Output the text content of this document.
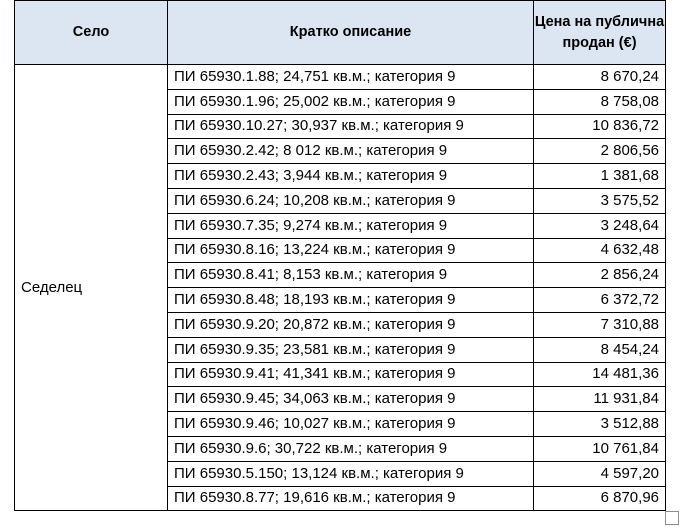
Село	Кратко описание	Цена на публична продан (€)
Седелец	ПИ 65930.1.88; 24,751 кв.м.; категория 9	8 670,24
	ПИ 65930.1.96; 25,002 кв.м.; категория 9	8 758,08
	ПИ 65930.10.27; 30,937 кв.м.; категория 9	10 836,72
	ПИ 65930.2.42; 8 012 кв.м.; категория 9	2 806,56
	ПИ 65930.2.43; 3,944 кв.м.; категория 9	1 381,68
	ПИ 65930.6.24; 10,208 кв.м.; категория 9	3 575,52
	ПИ 65930.7.35; 9,274 кв.м.; категория 9	3 248,64
	ПИ 65930.8.16; 13,224 кв.м.; категория 9	4 632,48
	ПИ 65930.8.41; 8,153 кв.м.; категория 9	2 856,24
	ПИ 65930.8.48; 18,193 кв.м.; категория 9	6 372,72
	ПИ 65930.9.20; 20,872 кв.м.; категория 9	7 310,88
	ПИ 65930.9.35; 23,581 кв.м.; категория 9	8 454,24
	ПИ 65930.9.41; 41,341 кв.м.; категория 9	14 481,36
	ПИ 65930.9.45; 34,063 кв.м.; категория 9	11 931,84
	ПИ 65930.9.46; 10,027 кв.м.; категория 9	3 512,88
	ПИ 65930.9.6; 30,722 кв.м.; категория 9	10 761,84
	ПИ 65930.5.150; 13,124 кв.м.; категория 9	4 597,20
	ПИ 65930.8.77; 19,616 кв.м.; категория 9	6 870,96
